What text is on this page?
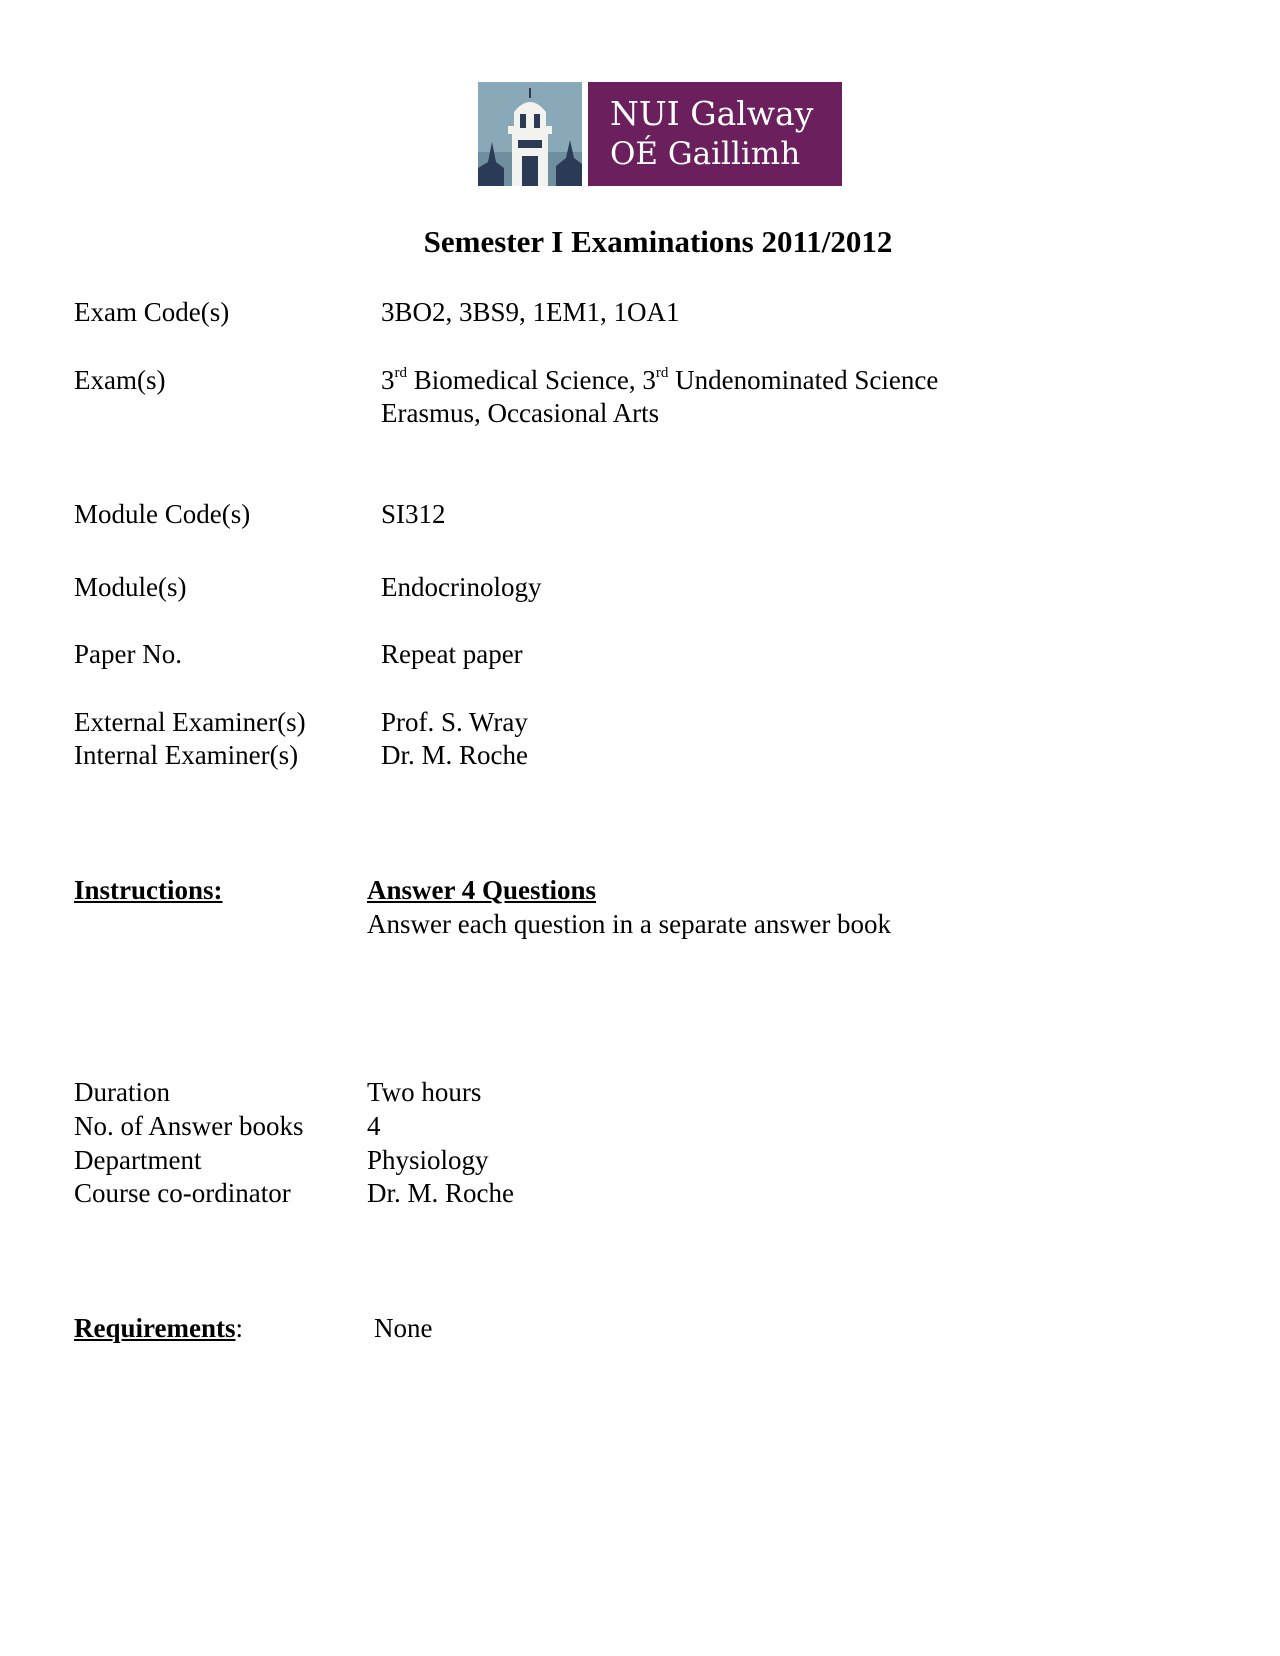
NUI Galway
OÉ Gaillimh
Semester I Examinations 2011/2012
Exam Code(s)	3BO2, 3BS9, 1EM1, 1OA1
Exam(s)	3rd Biomedical Science, 3rd Undenominated Science
Erasmus, Occasional Arts
Module Code(s)	SI312
Module(s)	Endocrinology
Paper No.	Repeat paper
External Examiner(s)	Prof. S. Wray
Internal Examiner(s)	Dr. M. Roche
Instructions:	Answer 4 Questions
Answer each question in a separate answer book
Duration	Two hours
No. of Answer books 4
Department	Physiology
Course co-ordinator	Dr. M. Roche
Requirements:	None
